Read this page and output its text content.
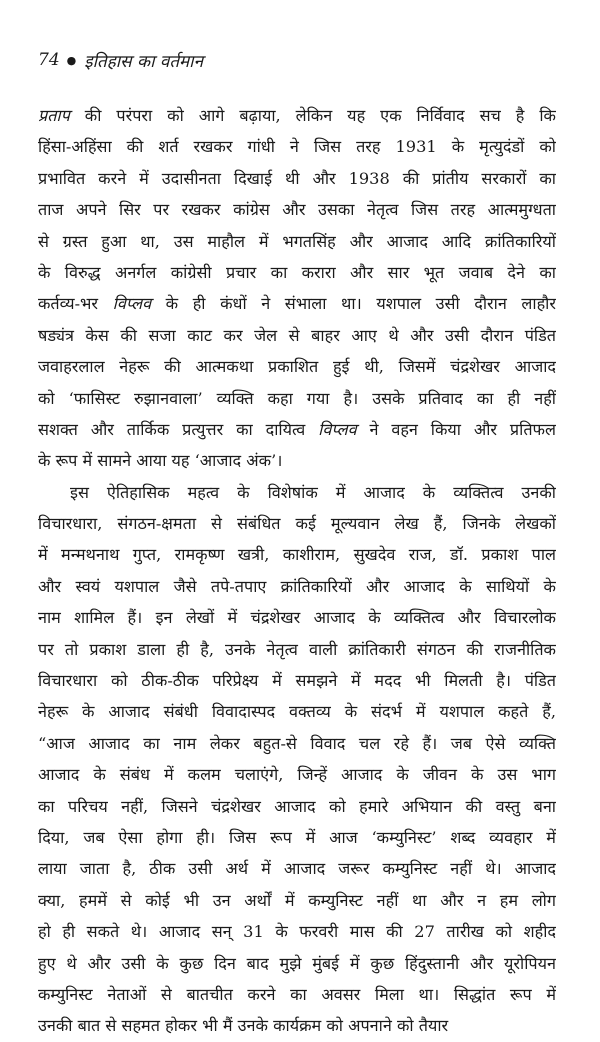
74 ● इतिहास का वर्तमान
प्रताप की परंपरा को आगे बढ़ाया, लेकिन यह एक निर्विवाद सच है कि
हिंसा-अहिंसा की शर्त रखकर गांधी ने जिस तरह 1931 के मृत्युदंडों को
प्रभावित करने में उदासीनता दिखाई थी और 1938 की प्रांतीय सरकारों का
ताज अपने सिर पर रखकर कांग्रेस और उसका नेतृत्व जिस तरह आत्ममुग्धता
से ग्रस्त हुआ था, उस माहौल में भगतसिंह और आजाद आदि क्रांतिकारियों
के विरुद्ध अनर्गल कांग्रेसी प्रचार का करारा और सार भूत जवाब देने का
कर्तव्य-भर विप्लव के ही कंधों ने संभाला था। यशपाल उसी दौरान लाहौर
षड्यंत्र केस की सजा काट कर जेल से बाहर आए थे और उसी दौरान पंडित
जवाहरलाल नेहरू की आत्मकथा प्रकाशित हुई थी, जिसमें चंद्रशेखर आजाद
को ‘फासिस्ट रुझानवाला’ व्यक्ति कहा गया है। उसके प्रतिवाद का ही नहीं
सशक्त और तार्किक प्रत्युत्तर का दायित्व विप्लव ने वहन किया और प्रतिफल
के रूप में सामने आया यह ‘आजाद अंक’।
इस ऐतिहासिक महत्व के विशेषांक में आजाद के व्यक्तित्व उनकी
विचारधारा, संगठन-क्षमता से संबंधित कई मूल्यवान लेख हैं, जिनके लेखकों
में मन्मथनाथ गुप्त, रामकृष्ण खत्री, काशीराम, सुखदेव राज, डॉ. प्रकाश पाल
और स्वयं यशपाल जैसे तपे-तपाए क्रांतिकारियों और आजाद के साथियों के
नाम शामिल हैं। इन लेखों में चंद्रशेखर आजाद के व्यक्तित्व और विचारलोक
पर तो प्रकाश डाला ही है, उनके नेतृत्व वाली क्रांतिकारी संगठन की राजनीतिक
विचारधारा को ठीक-ठीक परिप्रेक्ष्य में समझने में मदद भी मिलती है। पंडित
नेहरू के आजाद संबंधी विवादास्पद वक्तव्य के संदर्भ में यशपाल कहते हैं,
“आज आजाद का नाम लेकर बहुत-से विवाद चल रहे हैं। जब ऐसे व्यक्ति
आजाद के संबंध में कलम चलाएंगे, जिन्हें आजाद के जीवन के उस भाग
का परिचय नहीं, जिसने चंद्रशेखर आजाद को हमारे अभियान की वस्तु बना
दिया, जब ऐसा होगा ही। जिस रूप में आज ‘कम्युनिस्ट’ शब्द व्यवहार में
लाया जाता है, ठीक उसी अर्थ में आजाद जरूर कम्युनिस्ट नहीं थे। आजाद
क्या, हममें से कोई भी उन अर्थों में कम्युनिस्ट नहीं था और न हम लोग
हो ही सकते थे। आजाद सन् 31 के फरवरी मास की 27 तारीख को शहीद
हुए थे और उसी के कुछ दिन बाद मुझे मुंबई में कुछ हिंदुस्तानी और यूरोपियन
कम्युनिस्ट नेताओं से बातचीत करने का अवसर मिला था। सिद्धांत रूप में
उनकी बात से सहमत होकर भी मैं उनके कार्यक्रम को अपनाने को तैयार
